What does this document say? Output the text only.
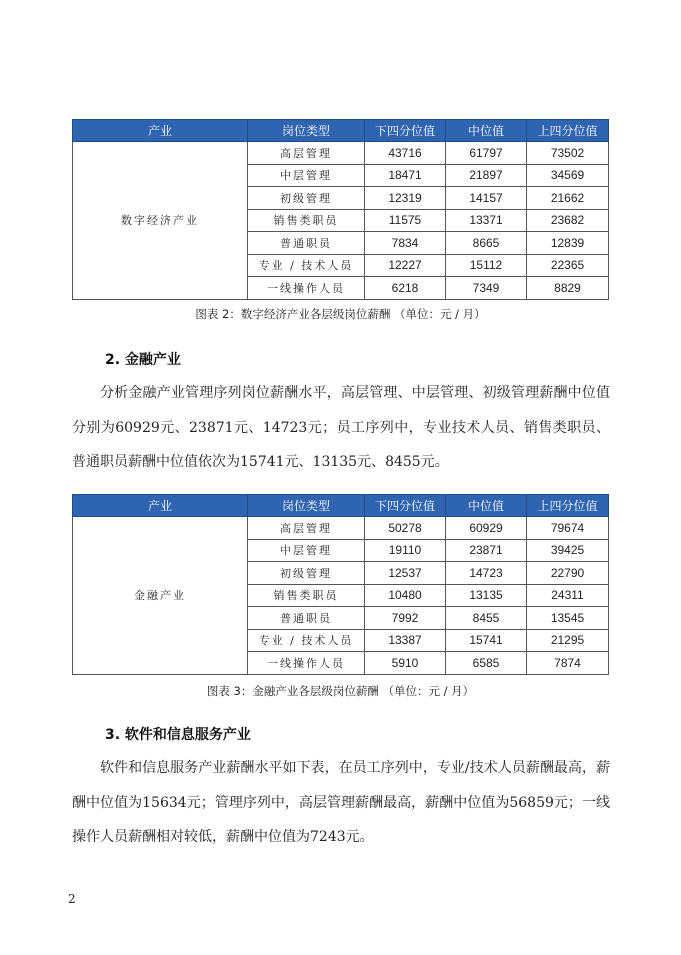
产业	岗位类型	下四分位值	中位值	上四分位值
数字经济产业	高层管理	43716	61797	73502
	中层管理	18471	21897	34569
	初级管理	12319	14157	21662
	销售类职员	11575	13371	23682
	普通职员	7834	8665	12839
	专业 / 技术人员	12227	15112	22365
	一线操作人员	6218	7349	8829
图表 2：数字经济产业各层级岗位薪酬 （单位：元 / 月）
2. 金融产业

分析金融产业管理序列岗位薪酬水平，高层管理、中层管理、初级管理薪酬中位值分别为60929元、23871元、14723元；员工序列中，专业技术人员、销售类职员、普通职员薪酬中位值依次为15741元、13135元、8455元。

产业	岗位类型	下四分位值	中位值	上四分位值
金融产业	高层管理	50278	60929	79674
	中层管理	19110	23871	39425
	初级管理	12537	14723	22790
	销售类职员	10480	13135	24311
	普通职员	7992	8455	13545
	专业 / 技术人员	13387	15741	21295
	一线操作人员	5910	6585	7874
图表 3：金融产业各层级岗位薪酬 （单位：元 / 月）
3. 软件和信息服务产业

软件和信息服务产业薪酬水平如下表，在员工序列中，专业/技术人员薪酬最高，薪酬中位值为15634元；管理序列中，高层管理薪酬最高，薪酬中位值为56859元；一线操作人员薪酬相对较低，薪酬中位值为7243元。

2
